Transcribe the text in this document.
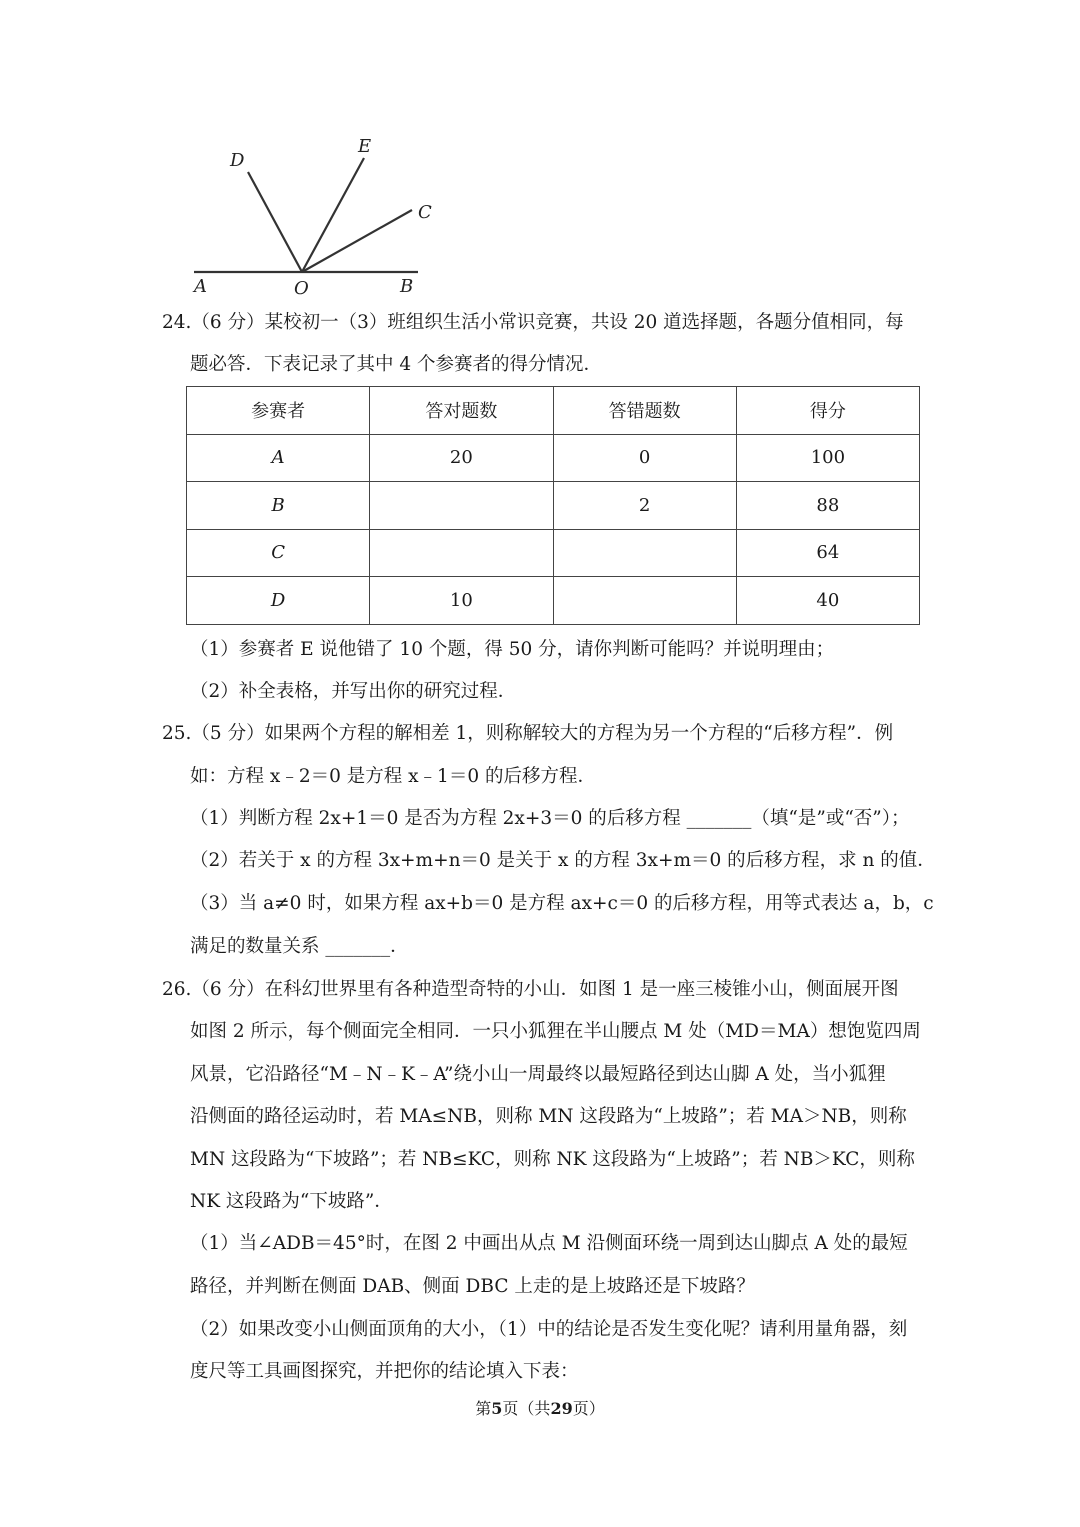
A	O	B
C
D
E
24.（6 分）某校初一（3）班组织生活小常识竞赛，共设 20 道选择题，各题分值相同，每
题必答．下表记录了其中 4 个参赛者的得分情况．
参赛者	答对题数	答错题数	得分
A	20	0	100
B		2	88
C			64
D	10		40
（1）参赛者 E 说他错了 10 个题，得 50 分，请你判断可能吗？并说明理由；
（2）补全表格，并写出你的研究过程．
25.（5 分）如果两个方程的解相差 1，则称解较大的方程为另一个方程的“后移方程”．例
如：方程 x﹣2＝0 是方程 x﹣1＝0 的后移方程．
（1）判断方程 2x+1＝0 是否为方程 2x+3＝0 的后移方程 _______（填“是”或“否”）；
（2）若关于 x 的方程 3x+m+n＝0 是关于 x 的方程 3x+m＝0 的后移方程，求 n 的值．
（3）当 a≠0 时，如果方程 ax+b＝0 是方程 ax+c＝0 的后移方程，用等式表达 a，b，c
满足的数量关系 _______．
26.（6 分）在科幻世界里有各种造型奇特的小山．如图 1 是一座三棱锥小山，侧面展开图
如图 2 所示，每个侧面完全相同．一只小狐狸在半山腰点 M 处（MD＝MA）想饱览四周
风景，它沿路径“M﹣N﹣K﹣A”绕小山一周最终以最短路径到达山脚 A 处，当小狐狸
沿侧面的路径运动时，若 MA≤NB，则称 MN 这段路为“上坡路”；若 MA＞NB，则称
MN 这段路为“下坡路”；若 NB≤KC，则称 NK 这段路为“上坡路”；若 NB＞KC，则称
NK 这段路为“下坡路”．
（1）当∠ADB＝45°时，在图 2 中画出从点 M 沿侧面环绕一周到达山脚点 A 处的最短
路径，并判断在侧面 DAB、侧面 DBC 上走的是上坡路还是下坡路？
（2）如果改变小山侧面顶角的大小，（1）中的结论是否发生变化呢？请利用量角器，刻
度尺等工具画图探究，并把你的结论填入下表：
第5页（共29页）
